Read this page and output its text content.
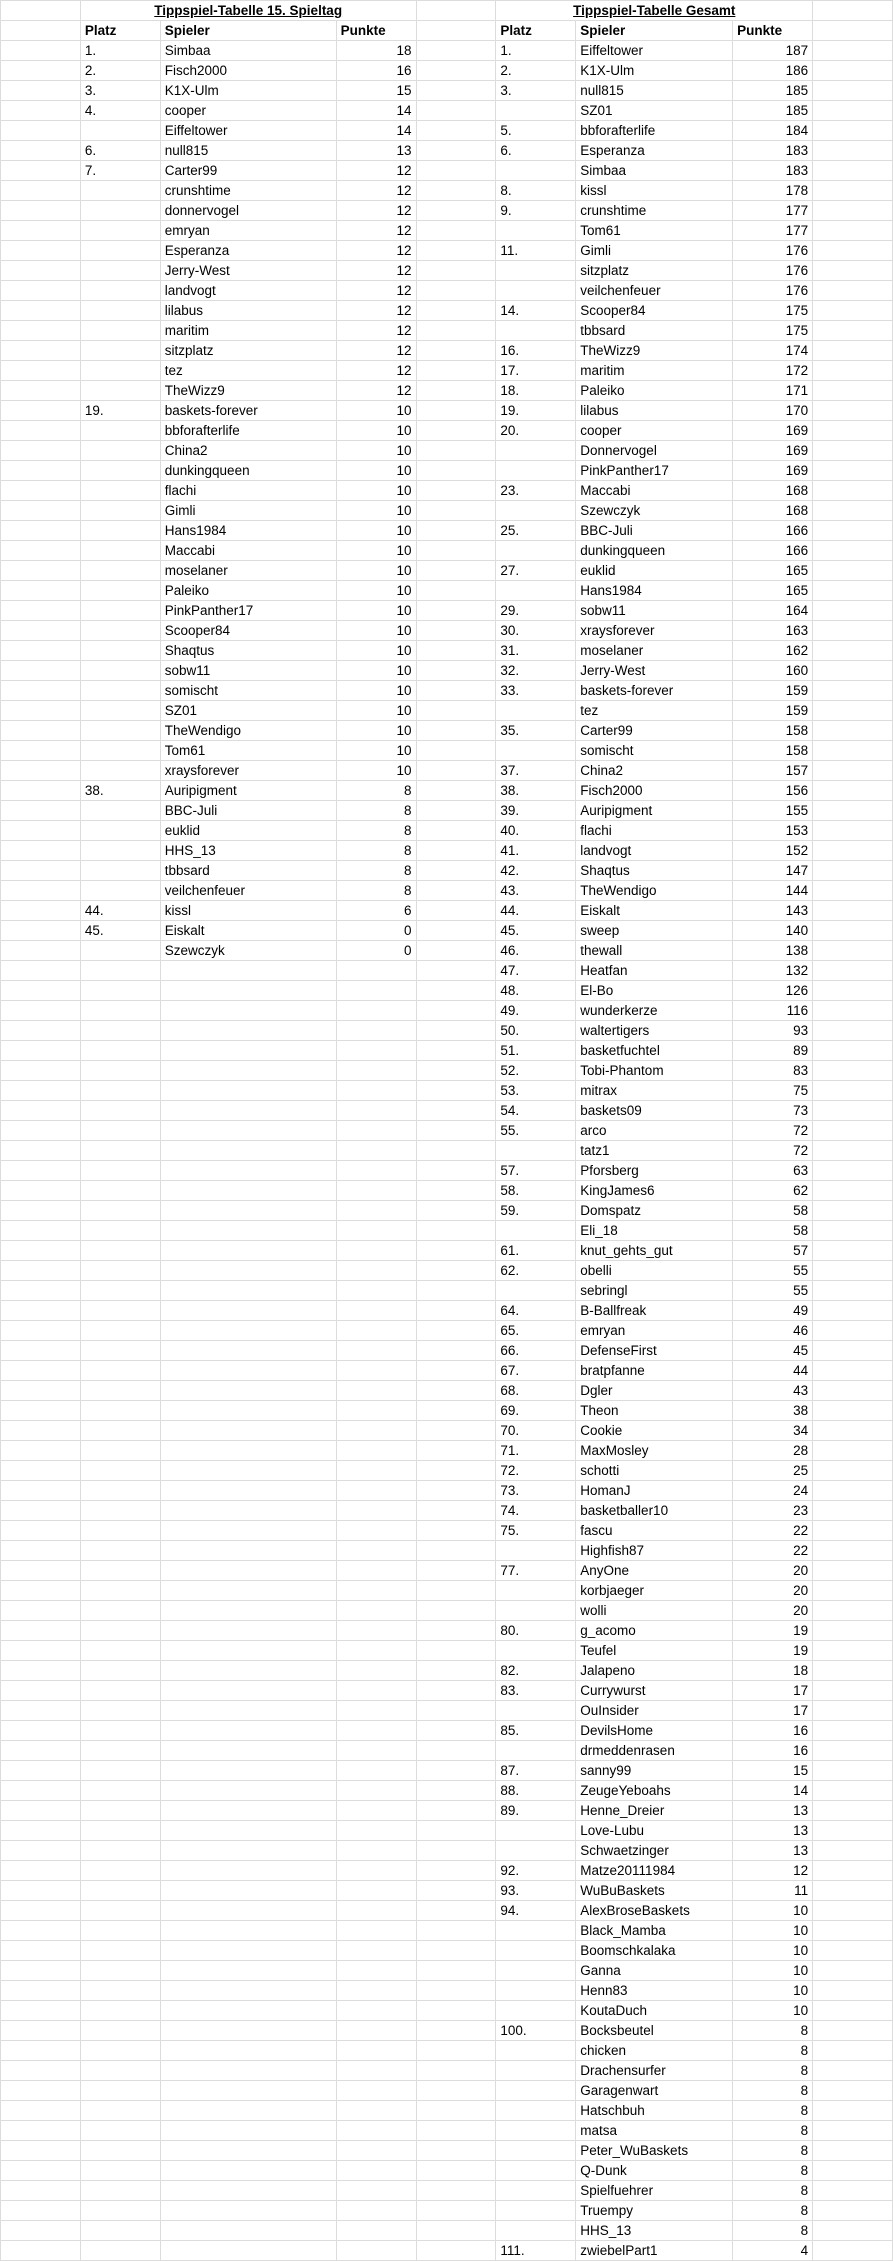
	Tippspiel-Tabelle 15. Spieltag				Tippspiel-Tabelle Gesamt			
	Platz	Spieler	Punkte		Platz	Spieler	Punkte	
	1.	Simbaa	18		1.	Eiffeltower	187	
	2.	Fisch2000	16		2.	K1X-Ulm	186	
	3.	K1X-Ulm	15		3.	null815	185	
	4.	cooper	14			SZ01	185	
		Eiffeltower	14		5.	bbforafterlife	184	
	6.	null815	13		6.	Esperanza	183	
	7.	Carter99	12			Simbaa	183	
		crunshtime	12		8.	kissl	178	
		donnervogel	12		9.	crunshtime	177	
		emryan	12			Tom61	177	
		Esperanza	12		11.	Gimli	176	
		Jerry-West	12			sitzplatz	176	
		landvogt	12			veilchenfeuer	176	
		lilabus	12		14.	Scooper84	175	
		maritim	12			tbbsard	175	
		sitzplatz	12		16.	TheWizz9	174	
		tez	12		17.	maritim	172	
		TheWizz9	12		18.	Paleiko	171	
	19.	baskets-forever	10		19.	lilabus	170	
		bbforafterlife	10		20.	cooper	169	
		China2	10			Donnervogel	169	
		dunkingqueen	10			PinkPanther17	169	
		flachi	10		23.	Maccabi	168	
		Gimli	10			Szewczyk	168	
		Hans1984	10		25.	BBC-Juli	166	
		Maccabi	10			dunkingqueen	166	
		moselaner	10		27.	euklid	165	
		Paleiko	10			Hans1984	165	
		PinkPanther17	10		29.	sobw11	164	
		Scooper84	10		30.	xraysforever	163	
		Shaqtus	10		31.	moselaner	162	
		sobw11	10		32.	Jerry-West	160	
		somischt	10		33.	baskets-forever	159	
		SZ01	10			tez	159	
		TheWendigo	10		35.	Carter99	158	
		Tom61	10			somischt	158	
		xraysforever	10		37.	China2	157	
	38.	Auripigment	8		38.	Fisch2000	156	
		BBC-Juli	8		39.	Auripigment	155	
		euklid	8		40.	flachi	153	
		HHS_13	8		41.	landvogt	152	
		tbbsard	8		42.	Shaqtus	147	
		veilchenfeuer	8		43.	TheWendigo	144	
	44.	kissl	6		44.	Eiskalt	143	
	45.	Eiskalt	0		45.	sweep	140	
		Szewczyk	0		46.	thewall	138	
					47.	Heatfan	132	
					48.	El-Bo	126	
					49.	wunderkerze	116	
					50.	waltertigers	93	
					51.	basketfuchtel	89	
					52.	Tobi-Phantom	83	
					53.	mitrax	75	
					54.	baskets09	73	
					55.	arco	72	
						tatz1	72	
					57.	Pforsberg	63	
					58.	KingJames6	62	
					59.	Domspatz	58	
						Eli_18	58	
					61.	knut_gehts_gut	57	
					62.	obelli	55	
						sebringl	55	
					64.	B-Ballfreak	49	
					65.	emryan	46	
					66.	DefenseFirst	45	
					67.	bratpfanne	44	
					68.	Dgler	43	
					69.	Theon	38	
					70.	Cookie	34	
					71.	MaxMosley	28	
					72.	schotti	25	
					73.	HomanJ	24	
					74.	basketballer10	23	
					75.	fascu	22	
						Highfish87	22	
					77.	AnyOne	20	
						korbjaeger	20	
						wolli	20	
					80.	g_acomo	19	
						Teufel	19	
					82.	Jalapeno	18	
					83.	Currywurst	17	
						OuInsider	17	
					85.	DevilsHome	16	
						drmeddenrasen	16	
					87.	sanny99	15	
					88.	ZeugeYeboahs	14	
					89.	Henne_Dreier	13	
						Love-Lubu	13	
						Schwaetzinger	13	
					92.	Matze20111984	12	
					93.	WuBuBaskets	11	
					94.	AlexBroseBaskets	10	
						Black_Mamba	10	
						Boomschkalaka	10	
						Ganna	10	
						Henn83	10	
						KoutaDuch	10	
					100.	Bocksbeutel	8	
						chicken	8	
						Drachensurfer	8	
						Garagenwart	8	
						Hatschbuh	8	
						matsa	8	
						Peter_WuBaskets	8	
						Q-Dunk	8	
						Spielfuehrer	8	
						Truempy	8	
						HHS_13	8	
					111.	zwiebelPart1	4	
